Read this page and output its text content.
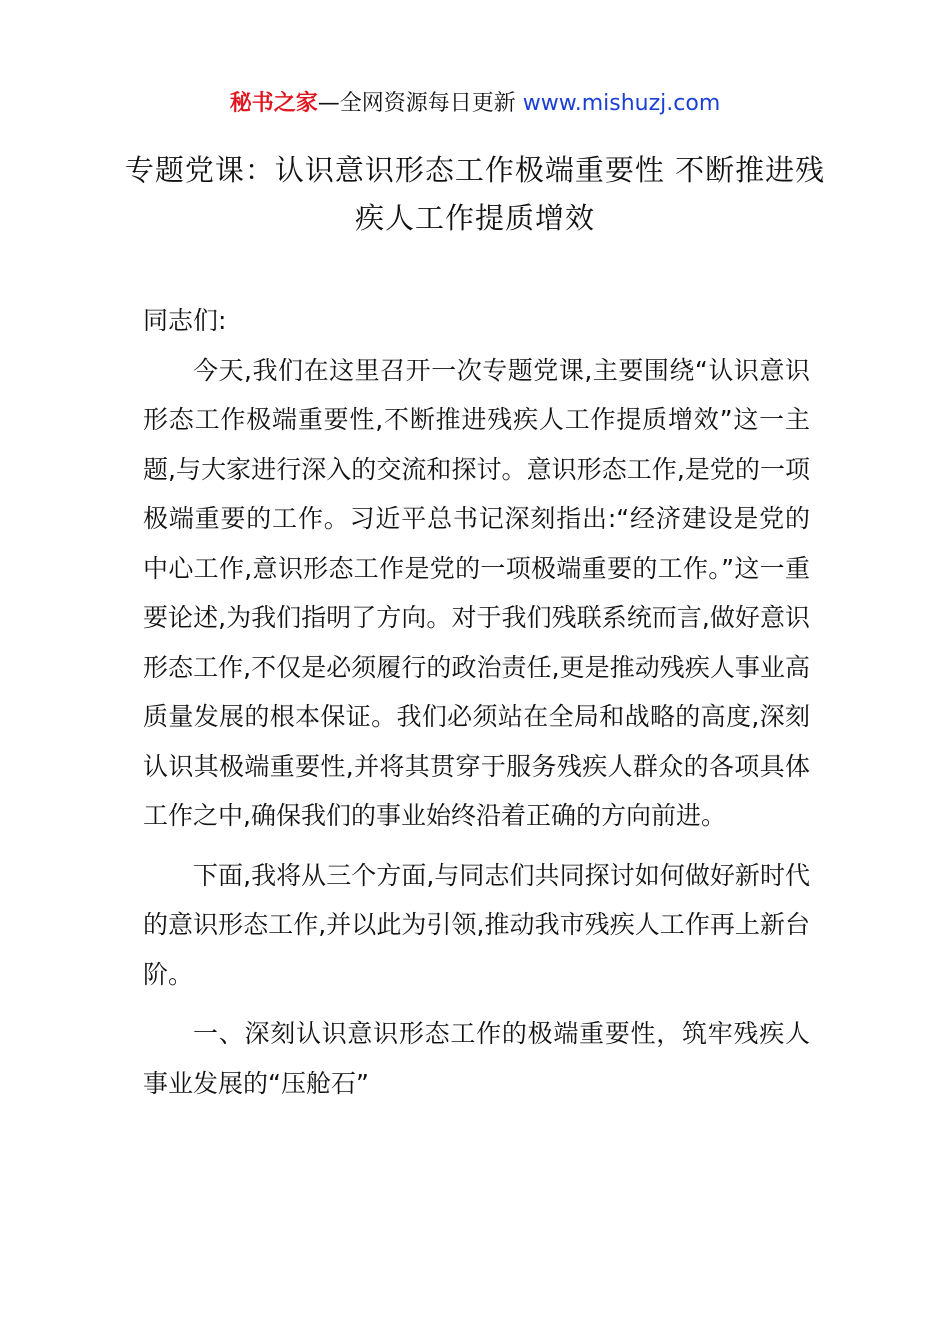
秘书之家—全网资源每日更新 www.mishuzj.com
专题党课：认识意识形态工作极端重要性 不断推进残疾人工作提质增效

同志们:

今天,我们在这里召开一次专题党课,主要围绕“认识意识形态工作极端重要性,不断推进残疾人工作提质增效”这一主题,与大家进行深入的交流和探讨。意识形态工作,是党的一项极端重要的工作。习近平总书记深刻指出:“经济建设是党的中心工作,意识形态工作是党的一项极端重要的工作。”这一重要论述,为我们指明了方向。对于我们残联系统而言,做好意识形态工作,不仅是必须履行的政治责任,更是推动残疾人事业高质量发展的根本保证。我们必须站在全局和战略的高度,深刻认识其极端重要性,并将其贯穿于服务残疾人群众的各项具体工作之中,确保我们的事业始终沿着正确的方向前进。

下面,我将从三个方面,与同志们共同探讨如何做好新时代的意识形态工作,并以此为引领,推动我市残疾人工作再上新台阶。

一、深刻认识意识形态工作的极端重要性，筑牢残疾人事业发展的“压舱石”
